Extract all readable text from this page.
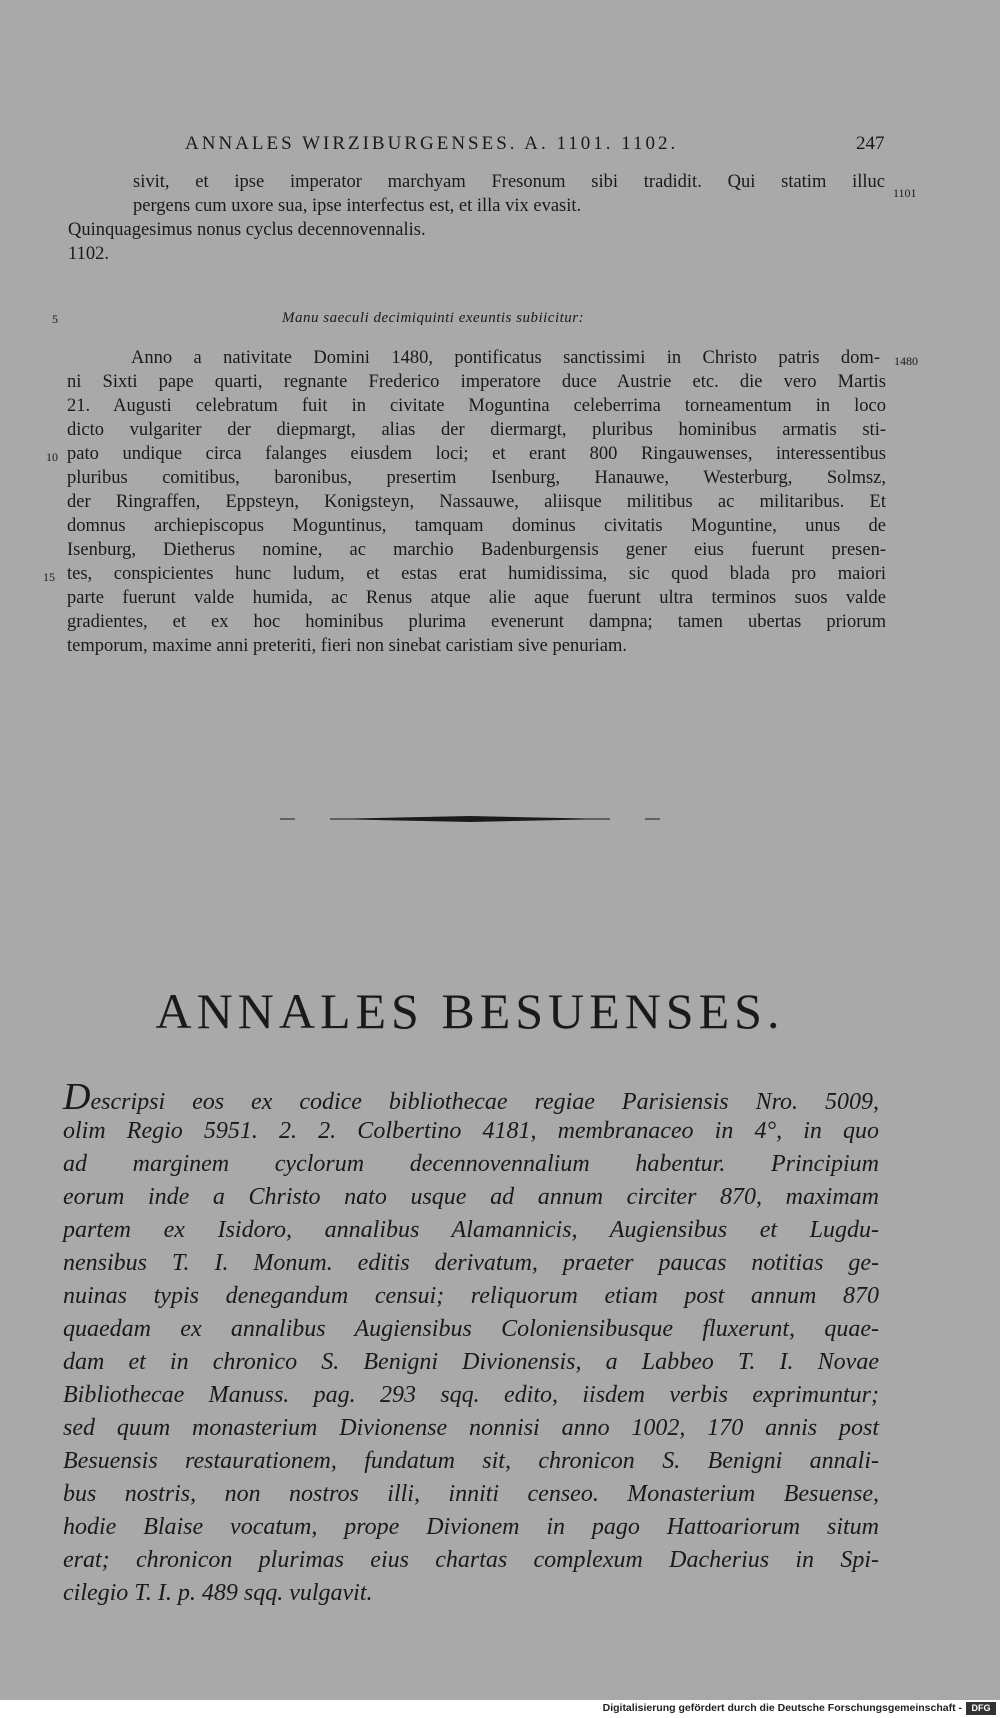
ANNALES WIRZIBURGENSES. A. 1101. 1102.	247
sivit, et ipse imperator marchyam Fresonum sibi tradidit. Qui statim illuc
pergens cum uxore sua, ipse interfectus est, et illa vix evasit.
Quinquagesimus nonus cyclus decennovennalis.
1102.
1101
5	Manu saeculi decimiquinti exeuntis subiicitur:
Anno a nativitate Domini 1480, pontificatus sanctissimi in Christo patris dom-
ni Sixti pape quarti, regnante Frederico imperatore duce Austrie etc. die vero Martis
21. Augusti celebratum fuit in civitate Moguntina celeberrima torneamentum in loco
dicto vulgariter der diepmargt, alias der diermargt, pluribus hominibus armatis sti-
pato undique circa falanges eiusdem loci; et erant 800 Ringauwenses, interessentibus
pluribus comitibus, baronibus, presertim Isenburg, Hanauwe, Westerburg, Solmsz,
der Ringraffen, Eppsteyn, Konigsteyn, Nassauwe, aliisque militibus ac militaribus. Et
domnus archiepiscopus Moguntinus, tamquam dominus civitatis Moguntine, unus de
Isenburg, Dietherus nomine, ac marchio Badenburgensis gener eius fuerunt presen-
tes, conspicientes hunc ludum, et estas erat humidissima, sic quod blada pro maiori
parte fuerunt valde humida, ac Renus atque alie aque fuerunt ultra terminos suos valde
gradientes, et ex hoc hominibus plurima evenerunt dampna; tamen ubertas priorum
temporum, maxime anni preteriti, fieri non sinebat caristiam sive penuriam.
1480
10
15
ANNALES BESUENSES.
Descripsi eos ex codice bibliothecae regiae Parisiensis Nro. 5009,
olim Regio 5951. 2. 2. Colbertino 4181, membranaceo in 4°, in quo
ad marginem cyclorum decennovennalium habentur. Principium
eorum inde a Christo nato usque ad annum circiter 870, maximam
partem ex Isidoro, annalibus Alamannicis, Augiensibus et Lugdu-
nensibus T. I. Monum. editis derivatum, praeter paucas notitias ge-
nuinas typis denegandum censui; reliquorum etiam post annum 870
quaedam ex annalibus Augiensibus Coloniensibusque fluxerunt, quae-
dam et in chronico S. Benigni Divionensis, a Labbeo T. I. Novae
Bibliothecae Manuss. pag. 293 sqq. edito, iisdem verbis exprimuntur;
sed quum monasterium Divionense nonnisi anno 1002, 170 annis post
Besuensis restaurationem, fundatum sit, chronicon S. Benigni annali-
bus nostris, non nostros illi, inniti censeo. Monasterium Besuense,
hodie Blaise vocatum, prope Divionem in pago Hattoariorum situm
erat; chronicon plurimas eius chartas complexum Dacherius in Spi-
cilegio T. I. p. 489 sqq. vulgavit.
Digitalisierung gefördert durch die Deutsche Forschungsgemeinschaft -	DFG
